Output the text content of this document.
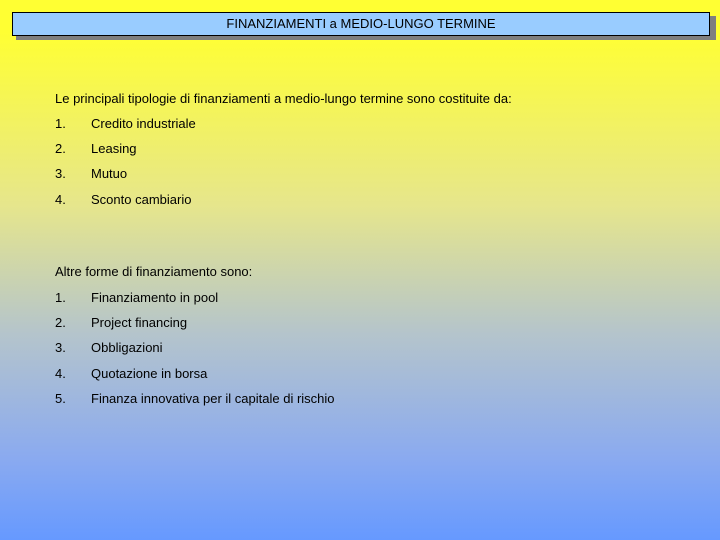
FINANZIAMENTI a MEDIO-LUNGO TERMINE
Le principali tipologie di finanziamenti a medio-lungo termine sono costituite da:
1. Credito industriale
2. Leasing
3. Mutuo
4. Sconto cambiario
Altre forme di finanziamento sono:
1. Finanziamento in pool
2. Project financing
3. Obbligazioni
4. Quotazione in borsa
5. Finanza innovativa per il capitale di rischio
